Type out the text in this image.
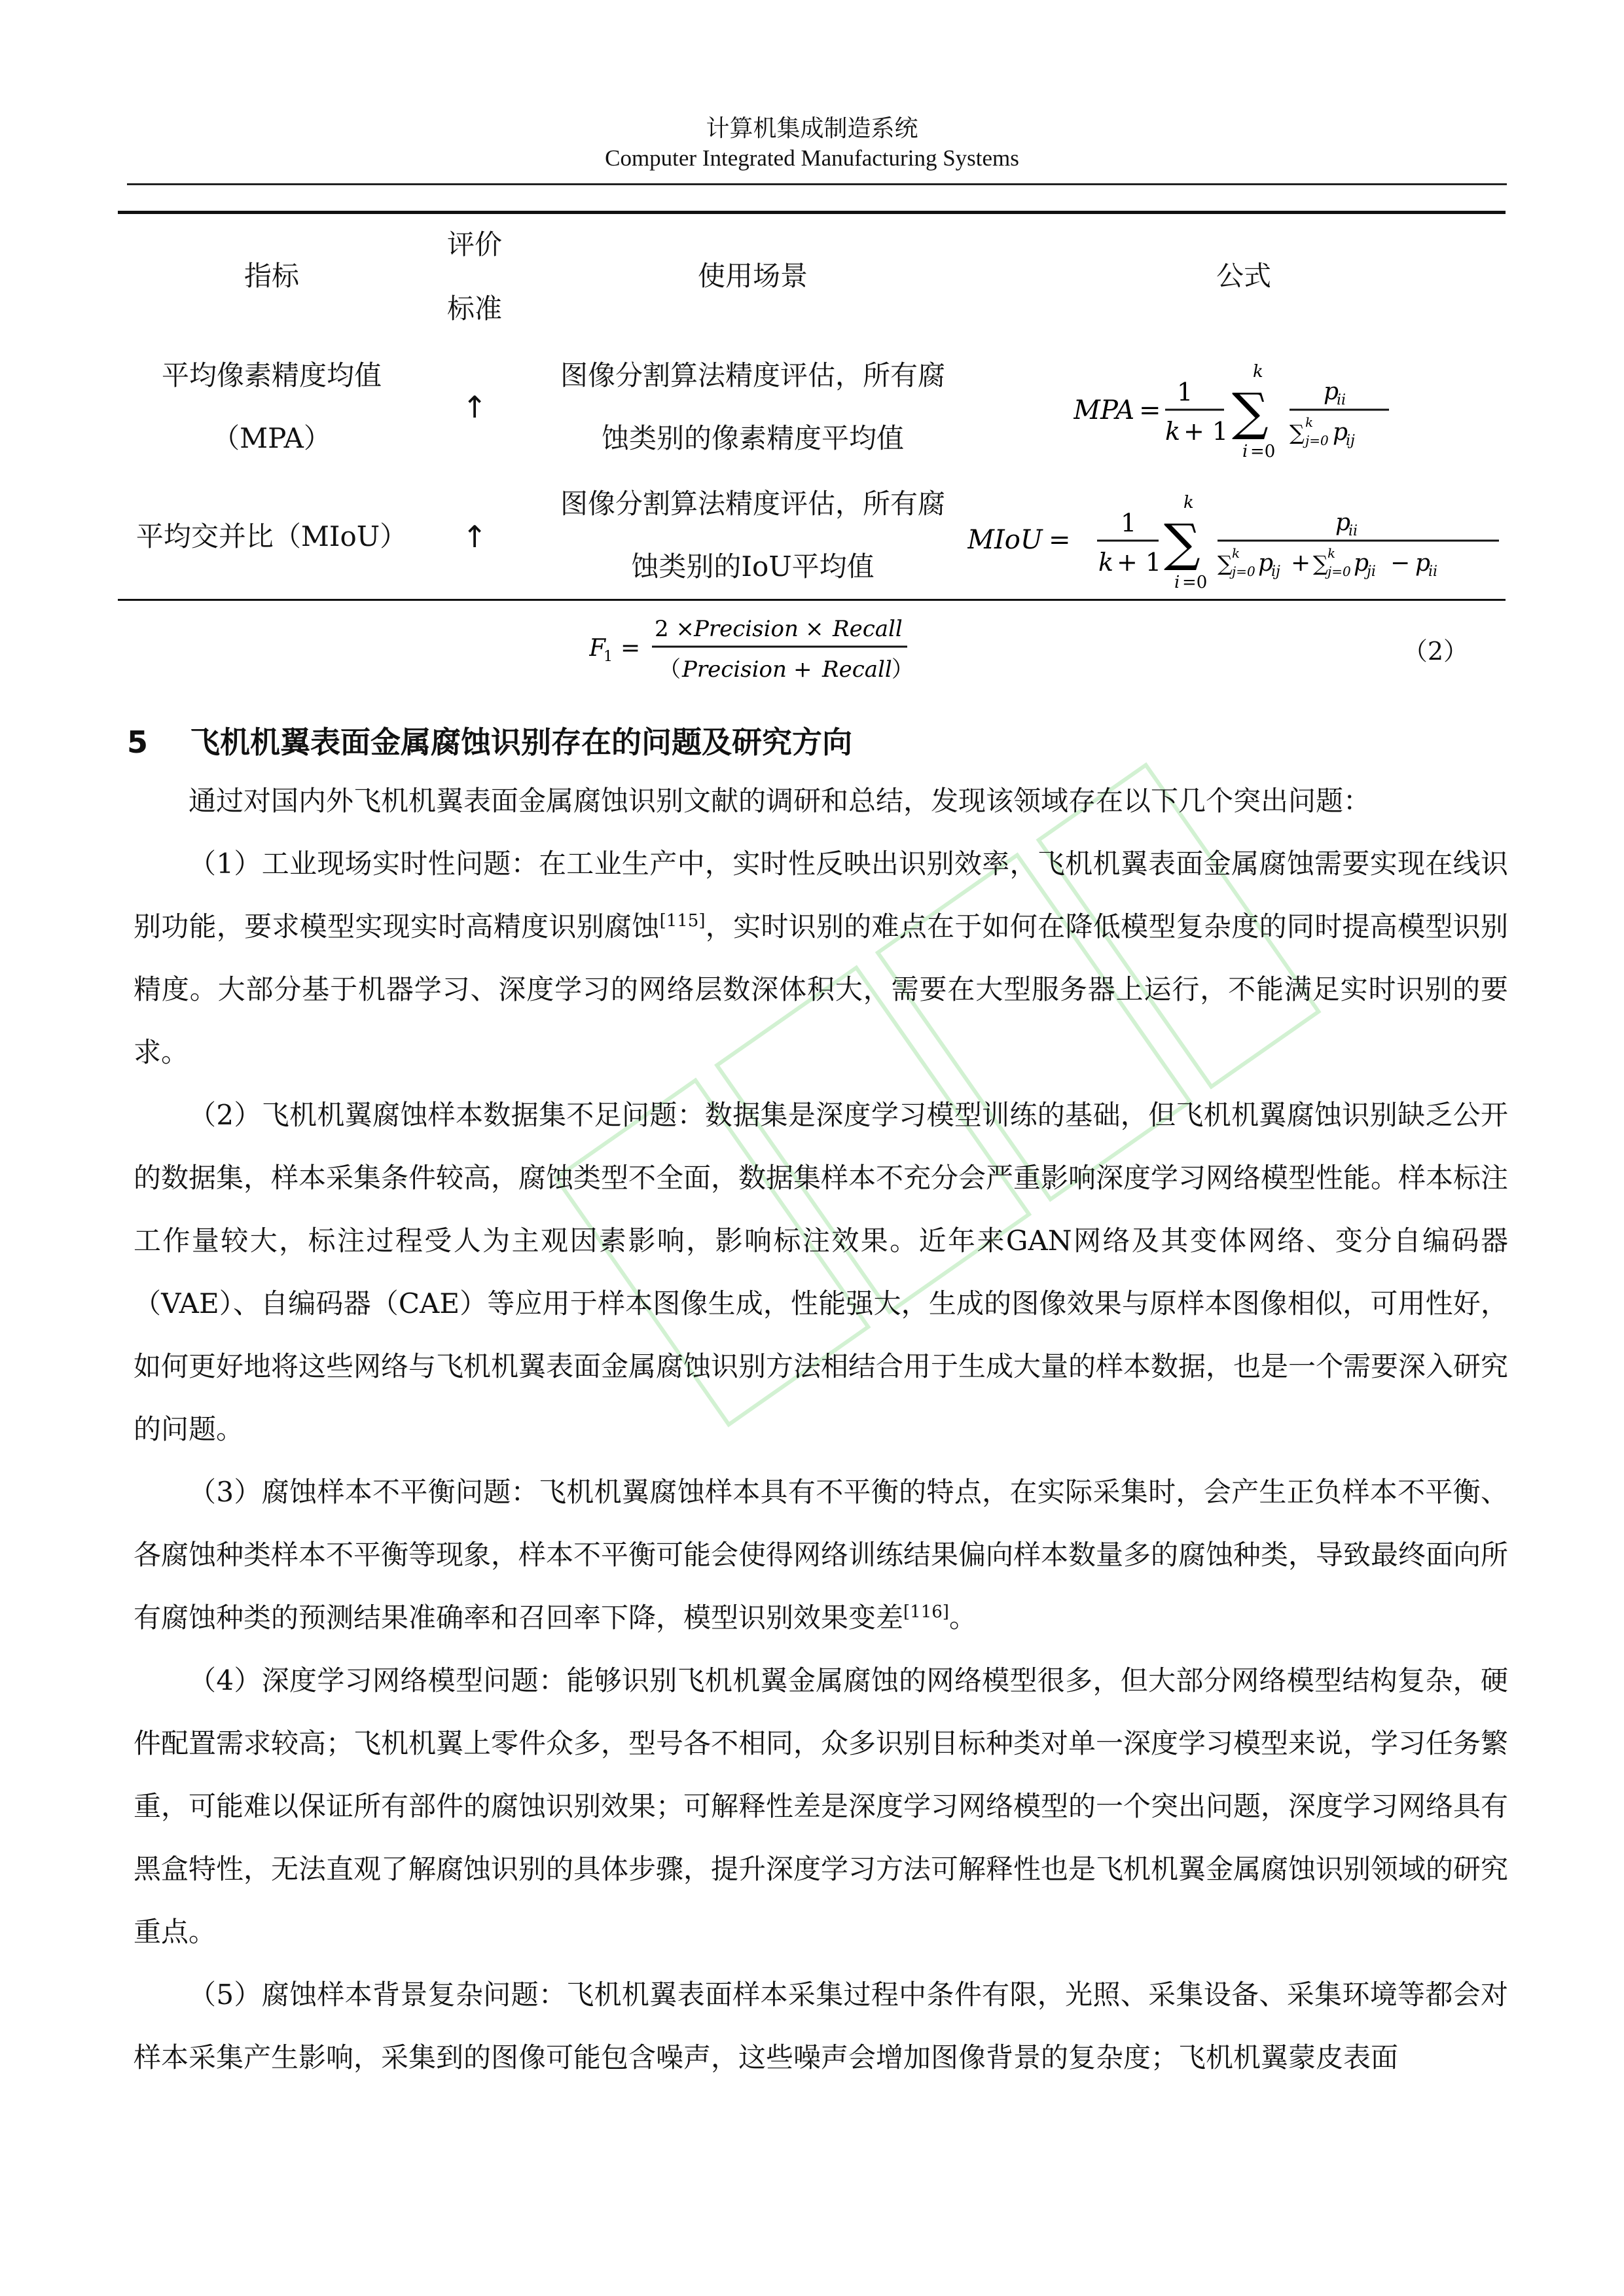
计算机集成制造系统
Computer Integrated Manufacturing Systems
指标
评价
标准
使用场景	公式
平均像素精度均值
（MPA）
↑
图像分割算法精度评估，所有腐
蚀类别的像素精度平均值
MPA =
1
k + 1 ∑
k
i =0
p
ii
∑ k
j=0 p
ij
平均交并比（MIoU）	↑
图像分割算法精度评估，所有腐
蚀类别的IoU平均值
MIoU =
1
k + 1 ∑
k
i =0
p
ii
∑ k
j=0 p
ij + ∑ k
j=0 p
ji − p
ii
F
1 =
2 × Precision × Recall
（ Precision + Recall ）
（2）
5 飞机机翼表面金属腐蚀识别存在的问题及研究方向

通过对国内外飞机机翼表面金属腐蚀识别文献的调研和总结，发现该领域存在以下几个突出问题：

（1）工业现场实时性问题：在工业生产中，实时性反映出识别效率，飞机机翼表面金属腐蚀需要实现在线识别功能，要求模型实现实时高精度识别腐蚀[115]，实时识别的难点在于如何在降低模型复杂度的同时提高模型识别精度。大部分基于机器学习、深度学习的网络层数深体积大，需要在大型服务器上运行，不能满足实时识别的要求。

（2）飞机机翼腐蚀样本数据集不足问题：数据集是深度学习模型训练的基础，但飞机机翼腐蚀识别缺乏公开的数据集，样本采集条件较高，腐蚀类型不全面，数据集样本不充分会严重影响深度学习网络模型性能。样本标注工作量较大，标注过程受人为主观因素影响，影响标注效果。近年来GAN网络及其变体网络、变分自编码器（VAE）、自编码器（CAE）等应用于样本图像生成，性能强大，生成的图像效果与原样本图像相似，可用性好，如何更好地将这些网络与飞机机翼表面金属腐蚀识别方法相结合用于生成大量的样本数据，也是一个需要深入研究的问题。

（3）腐蚀样本不平衡问题：飞机机翼腐蚀样本具有不平衡的特点，在实际采集时，会产生正负样本不平衡、各腐蚀种类样本不平衡等现象，样本不平衡可能会使得网络训练结果偏向样本数量多的腐蚀种类，导致最终面向所有腐蚀种类的预测结果准确率和召回率下降，模型识别效果变差[116]。

（4）深度学习网络模型问题：能够识别飞机机翼金属腐蚀的网络模型很多，但大部分网络模型结构复杂，硬件配置需求较高；飞机机翼上零件众多，型号各不相同，众多识别目标种类对单一深度学习模型来说，学习任务繁重，可能难以保证所有部件的腐蚀识别效果；可解释性差是深度学习网络模型的一个突出问题，深度学习网络具有黑盒特性，无法直观了解腐蚀识别的具体步骤，提升深度学习方法可解释性也是飞机机翼金属腐蚀识别领域的研究重点。

（5）腐蚀样本背景复杂问题：飞机机翼表面样本采集过程中条件有限，光照、采集设备、采集环境等都会对样本采集产生影响，采集到的图像可能包含噪声，这些噪声会增加图像背景的复杂度；飞机机翼蒙皮表面
